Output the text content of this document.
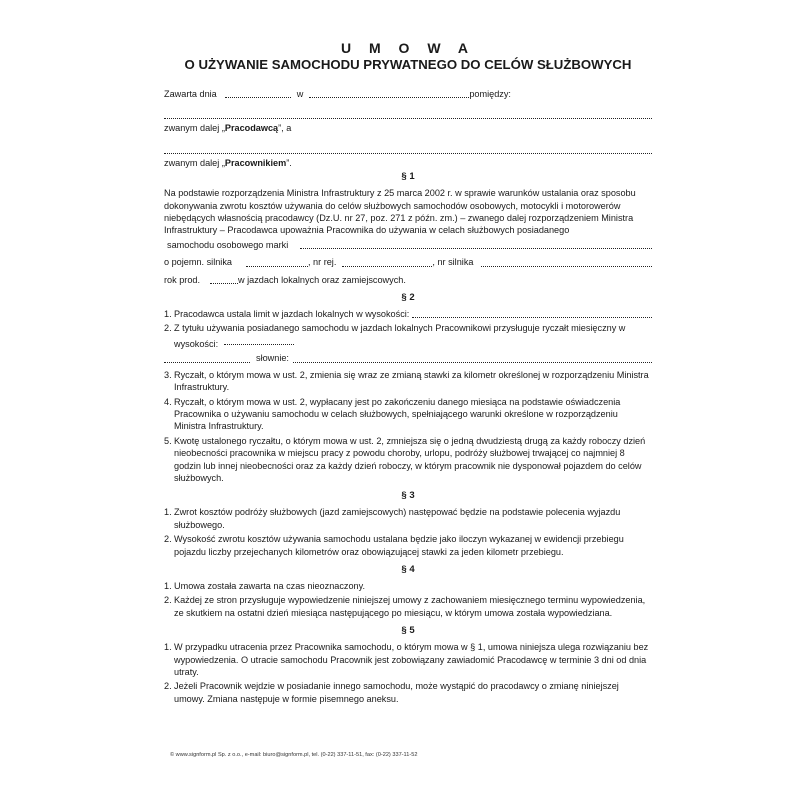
U M O W A
O UŻYWANIE SAMOCHODU PRYWATNEGO DO CELÓW SŁUŻBOWYCH
Zawarta dnia	w	pomiędzy:
zwanym dalej „Pracodawcą”, a
zwanym dalej „Pracownikiem”.
§ 1
Na podstawie rozporządzenia Ministra Infrastruktury z 25 marca 2002 r. w sprawie warunków ustalania oraz sposobu dokonywania zwrotu kosztów używania do celów służbowych samochodów osobowych, motocykli i motorowerów niebędących własnością pracodawcy (Dz.U. nr 27, poz. 271 z późn. zm.) – zwanego dalej rozporządzeniem Ministra Infrastruktury – Pracodawca upoważnia Pracownika do używania w celach służbowych posiadanego
samochodu osobowego marki
o pojemn. silnika	, nr rej.	, nr silnika
rok prod.	w jazdach lokalnych oraz zamiejscowych.
§ 2
1. Pracodawca ustala limit w jazdach lokalnych w wysokości:
2. Z tytułu używania posiadanego samochodu w jazdach lokalnych Pracownikowi przysługuje ryczałt miesięczny w wysokości:
słownie:
3. Ryczałt, o którym mowa w ust. 2, zmienia się wraz ze zmianą stawki za kilometr określonej w rozporządzeniu Ministra Infrastruktury.
4. Ryczałt, o którym mowa w ust. 2, wypłacany jest po zakończeniu danego miesiąca na podstawie oświadczenia Pracownika o używaniu samochodu w celach służbowych, spełniającego warunki określone w rozporządzeniu Ministra Infrastruktury.
5. Kwotę ustalonego ryczałtu, o którym mowa w ust. 2, zmniejsza się o jedną dwudziestą drugą za każdy roboczy dzień nieobecności pracownika w miejscu pracy z powodu choroby, urlopu, podróży służbowej trwającej co najmniej 8 godzin lub innej nieobecności oraz za każdy dzień roboczy, w którym pracownik nie dysponował pojazdem do celów służbowych.
§ 3
1. Zwrot kosztów podróży służbowych (jazd zamiejscowych) następować będzie na podstawie polecenia wyjazdu służbowego.
2. Wysokość zwrotu kosztów używania samochodu ustalana będzie jako iloczyn wykazanej w ewidencji przebiegu pojazdu liczby przejechanych kilometrów oraz obowiązującej stawki za jeden kilometr przebiegu.
§ 4
1. Umowa została zawarta na czas nieoznaczony.
2. Każdej ze stron przysługuje wypowiedzenie niniejszej umowy z zachowaniem miesięcznego terminu wypowiedzenia, ze skutkiem na ostatni dzień miesiąca następującego po miesiącu, w którym umowa została wypowiedziana.
§ 5
1. W przypadku utracenia przez Pracownika samochodu, o którym mowa w § 1, umowa niniejsza ulega rozwiązaniu bez wypowiedzenia. O utracie samochodu Pracownik jest zobowiązany zawiadomić Pracodawcę w terminie 3 dni od dnia utraty.
2. Jeżeli Pracownik wejdzie w posiadanie innego samochodu, może wystąpić do pracodawcy o zmianę niniejszej umowy. Zmiana następuje w formie pisemnego aneksu.
© www.signform.pl Sp. z o.o., e-mail: biuro@signform.pl, tel. (0-22) 337-11-51, fax: (0-22) 337-11-52
